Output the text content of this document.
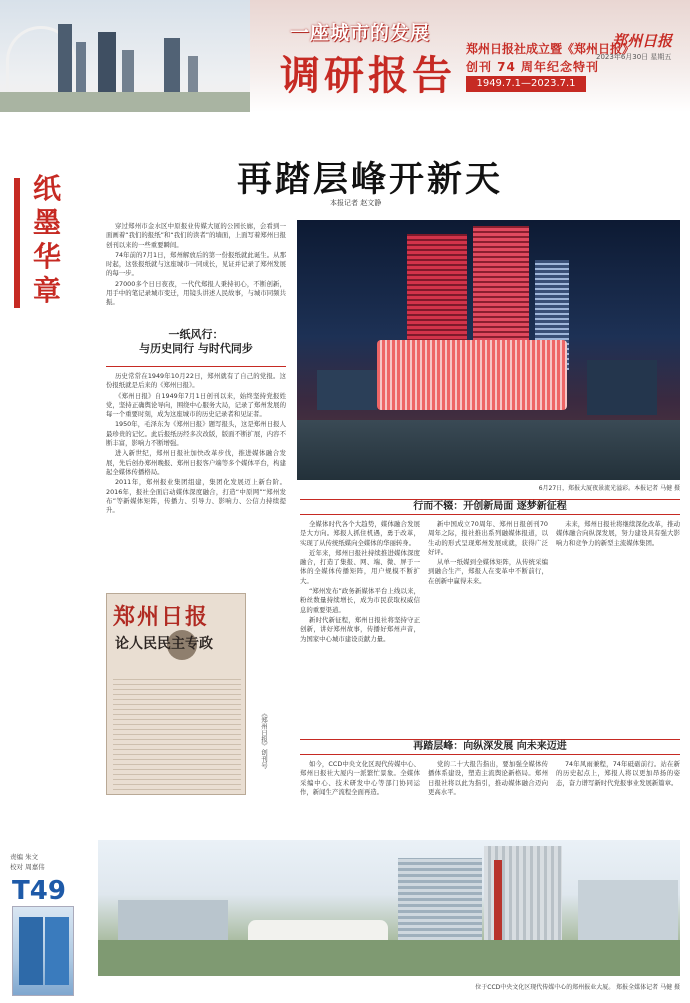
一座城市的发展
调研报告
郑州日报社成立暨《郑州日报》
创刊 74 周年纪念特刊
1949.7.1—2023.7.1
郑州日报
2023年6月30日 星期五
纸
墨
华
章
责编 朱文
校对 周嘉伟
T49
再踏层峰开新天
本报记者 赵文静

穿过郑州市金水区中原报业传媒大厦的公园长廊，会看到一面画着“我们的报纸”和“我们的读者”的墙面，上面写着郑州日报创刊以来的一些重要瞬间。

74年前的7月1日，郑州解放后的第一份报纸就此诞生。从那时起，这张报纸就与这座城市一同成长，见证并记录了郑州发展的每一步。

27000多个日日夜夜，一代代郑报人秉持初心，不断创新，用手中的笔记录城市变迁，用镜头讲述人民故事，与城市同频共振。

一纸风行：
与历史同行 与时代同步

历史常常在1949年10月22日，郑州就有了自己的党报。这份报纸就是后来的《郑州日报》。

《郑州日报》自1949年7月1日创刊以来，始终坚持党报姓党，坚持正确舆论导向，围绕中心服务大局，记录了郑州发展的每一个重要时刻，成为这座城市的历史记录者和见证者。

1950年，毛泽东为《郑州日报》题写报头，这是郑州日报人最珍贵的记忆。此后报纸历经多次改版，版面不断扩展，内容不断丰富，影响力不断增强。

进入新世纪，郑州日报社加快改革步伐，推进媒体融合发展，先后创办郑州晚报、郑州日报客户端等多个媒体平台，构建起全媒体传播格局。

2011年，郑州报业集团组建，集团化发展迈上新台阶。2016年，报社全面启动媒体深度融合，打造“中原网”“郑州发布”等新媒体矩阵，传播力、引导力、影响力、公信力持续提升。

6月27日，郑报大厦夜景流光溢彩。本报记者 马健 摄
郑州日报
论人民民主专政
《郑州日报》创刊号
行而不辍：开创新局面 逐梦新征程

全媒体时代各个大趋势，媒体融合发展是大方向。郑报人抓住机遇，勇于改革，实现了从传统纸媒向全媒体的华丽转身。

近年来，郑州日报社持续推进媒体深度融合，打造了集报、网、端、微、屏于一体的全媒体传播矩阵，用户规模不断扩大。

“郑州发布”政务新媒体平台上线以来，粉丝数量持续增长，成为市民获取权威信息的重要渠道。

新时代新征程，郑州日报社将坚持守正创新，讲好郑州故事，传播好郑州声音，为国家中心城市建设贡献力量。

新中国成立70周年、郑州日报创刊70周年之际，报社推出系列融媒体报道，以生动的形式呈现郑州发展成就，获得广泛好评。

从单一纸媒到全媒体矩阵，从传统采编到融合生产，郑报人在变革中不断前行，在创新中赢得未来。

未来，郑州日报社将继续深化改革，推动媒体融合向纵深发展，努力建设具有强大影响力和竞争力的新型主流媒体集团。

再踏层峰：向纵深发展 向未来迈进

如今，CCD中央文化区现代传媒中心、郑州日报社大厦内一派繁忙景象。全媒体采编中心、技术研发中心等部门协同运作，新闻生产流程全面再造。

党的二十大报告指出，要加强全媒体传播体系建设，塑造主流舆论新格局。郑州日报社将以此为指引，推动媒体融合迈向更高水平。

74年风雨兼程，74年砥砺前行。站在新的历史起点上，郑报人将以更加昂扬的姿态，奋力谱写新时代党报事业发展新篇章。

位于CCD中央文化区现代传媒中心的郑州报业大厦。 郑报全媒体记者 马健 摄
